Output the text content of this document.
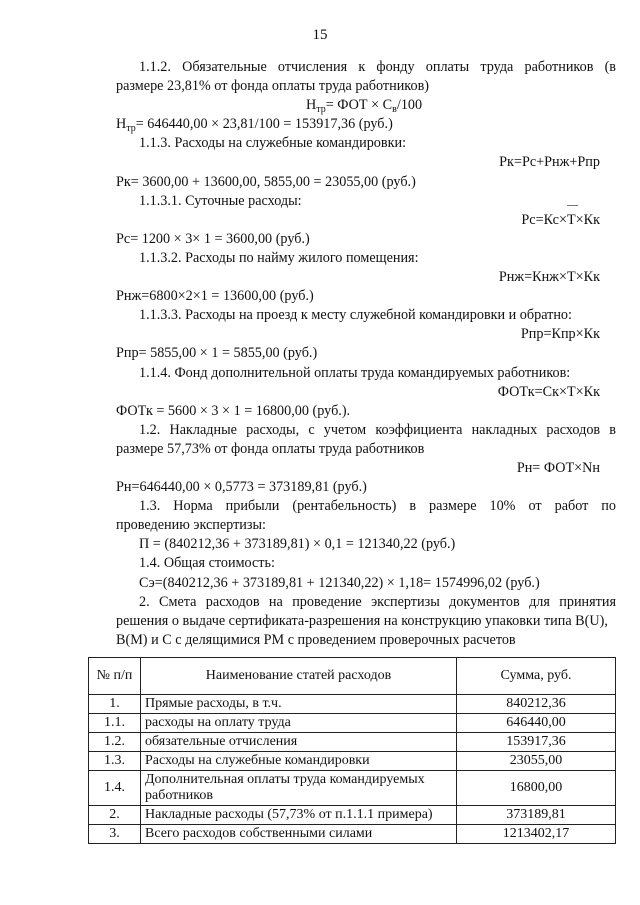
15
1.1.2. Обязательные отчисления к фонду оплаты труда работников (в
размере 23,81% от фонда оплаты труда работников)
$Н_{тр}=$ ФОТ × $С_в/100$
$Н_{тр}= 646440,00 \times 23,81/100 = 153917,36$ (руб.)
1.1.3. Расходы на служебные командировки:
Рк=Рс+Рнж+Рпр
Рк= 3600,00 + 13600,00, 5855,00 = 23055,00 (руб.)
1.1.3.1. Суточные расходы:
Рс=Кс×Т×Кк
Рс= 1200 × 3× 1 = 3600,00 (руб.)
1.1.3.2. Расходы по найму жилого помещения:
Рнж=Кнж×Т×Кк
Рнж=6800×2×1 = 13600,00 (руб.)
1.1.3.3. Расходы на проезд к месту служебной командировки и обратно:
Рпр=Кпр×Кк
Рпр= 5855,00 × 1 = 5855,00 (руб.)
1.1.4. Фонд дополнительной оплаты труда командируемых работников:
ФОТк=Ск×Т×Кк
ФОТк = 5600 × 3 × 1 = 16800,00 (руб.).
1.2. Накладные расходы, с учетом коэффициента накладных расходов в
размере 57,73% от фонда оплаты труда работников
Рн= ФОТ×Nн
Рн=646440,00 × 0,5773 = 373189,81 (руб.)
1.3. Норма прибыли (рентабельность) в размере 10% от работ по
проведению экспертизы:
П = (840212,36 + 373189,81) × 0,1 = 121340,22 (руб.)
1.4. Общая стоимость:
Сэ=(840212,36 + 373189,81 + 121340,22) × 1,18= 1574996,02 (руб.)
2. Смета расходов на проведение экспертизы документов для принятия
решения о выдаче сертификата-разрешения на конструкцию упаковки типа B(U),
B(M) и С с делящимися РМ с проведением проверочных расчетов
№ п/п	Наименование статей расходов	Сумма, руб.
1.	Прямые расходы, в т.ч.	840212,36
1.1.	расходы на оплату труда	646440,00
1.2.	обязательные отчисления	153917,36
1.3.	Расходы на служебные командировки	23055,00
1.4.	Дополнительная оплаты труда командируемых работников	16800,00
2.	Накладные расходы (57,73% от п.1.1.1 примера)	373189,81
3.	Всего расходов собственными силами	1213402,17
